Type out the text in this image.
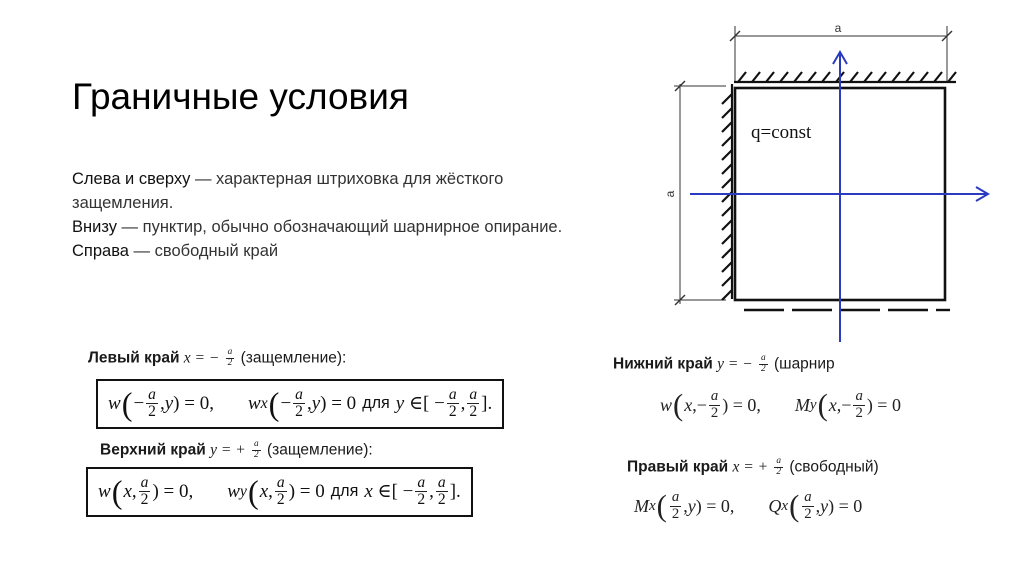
Граничные условия
Слева и сверху — характерная штриховка для жёсткого защемления.
Внизу — пунктир, обычно обозначающий шарнирное опирание.
Справа — свободный край
a
a
q=const
Левый край x = − $\frac{a}{2}$ (защемление):
w ( − $\frac{a}{2}$ , y ) = 0, w x ( − $\frac{a}{2}$ , y ) = 0 для y ∈ [ − $\frac{a}{2}$ , $\frac{a}{2}$ ].
Верхний край y = + $\frac{a}{2}$ (защемление):
w ( x , $\frac{a}{2}$ ) = 0, w y ( x , $\frac{a}{2}$ ) = 0 для x ∈ [ − $\frac{a}{2}$ , $\frac{a}{2}$ ].
Нижний край y = − $\frac{a}{2}$ (шарнир
w ( x , − $\frac{a}{2}$ ) = 0, M y ( x , − $\frac{a}{2}$ ) = 0
Правый край x = + $\frac{a}{2}$ (свободный)
M x ( $\frac{a}{2}$ , y ) = 0, Q x ( $\frac{a}{2}$ , y ) = 0
